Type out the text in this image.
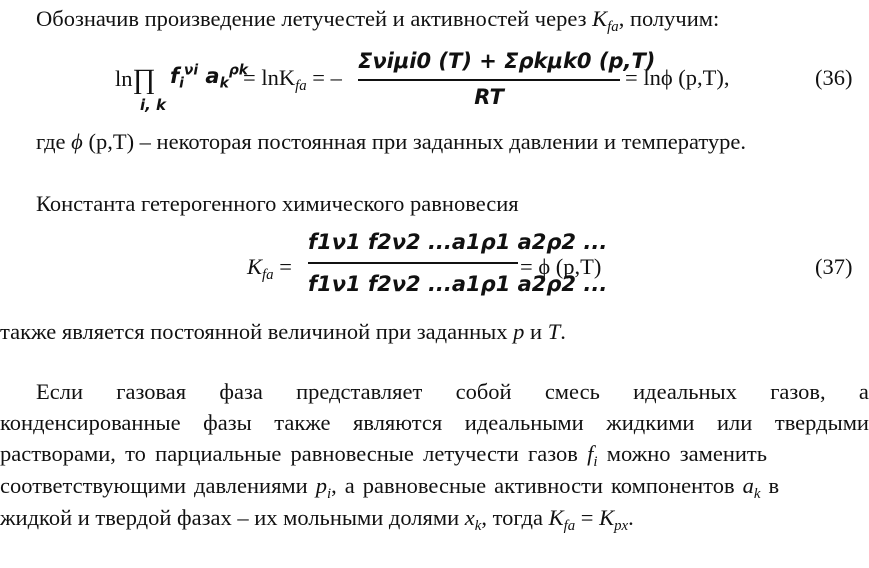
Обозначив произведение летучестей и активностей через $K_{fa}$, получим:
ln∏
i, k
$f_i^{\nu i}$ $a_k^{\rho k}$
= lnK$_{fa}$ = –
Σνiμi0 (T) + Σρkμk0 (p,T)
RT
= lnϕ (p,T),	(36)
где ϕ (p,T) – некоторая постоянная при заданных давлении и температуре.
Константа гетерогенного химического равновесия
$K_{fa}$ =
f1ν1 f2ν2 ...a1ρ1 a2ρ2 ...
f1ν1 f2ν2 ...a1ρ1 a2ρ2 ...
= ϕ (p,T)	(37)
также является постоянной величиной при заданных p и T.
Если газовая фаза представляет собой смесь идеальных газов, а
конденсированные фазы также являются идеальными жидкими или твердыми
растворами, то парциальные равновесные летучести газов $f_i$ можно заменить
соответствующими давлениями $p_i$, а равновесные активности компонентов $a_k$ в
жидкой и твердой фазах – их мольными долями $x_k$, тогда $K_{fa} = K_{px}$.
